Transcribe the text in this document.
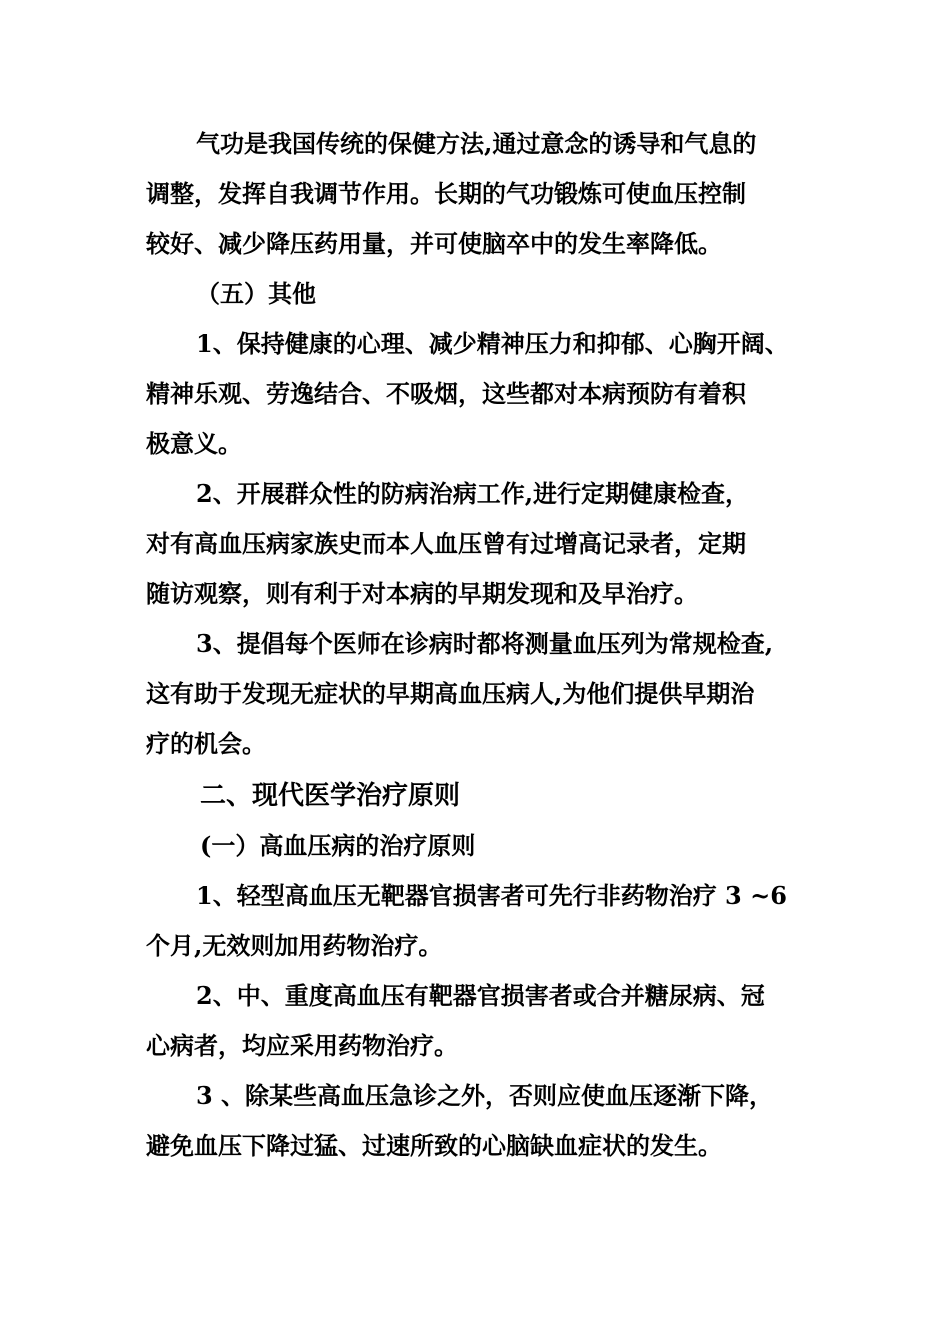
气功是我国传统的保健方法,通过意念的诱导和气息的
调整，发挥自我调节作用。长期的气功锻炼可使血压控制
较好、减少降压药用量，并可使脑卒中的发生率降低。
（五）其他
1、保持健康的心理、减少精神压力和抑郁、心胸开阔、
精神乐观、劳逸结合、不吸烟，这些都对本病预防有着积
极意义。
2、开展群众性的防病治病工作,进行定期健康检查，
对有高血压病家族史而本人血压曾有过增高记录者，定期
随访观察，则有利于对本病的早期发现和及早治疗。
3、提倡每个医师在诊病时都将测量血压列为常规检查,
这有助于发现无症状的早期高血压病人,为他们提供早期治
疗的机会。
二、现代医学治疗原则
(一）高血压病的治疗原则
1、轻型高血压无靶器官损害者可先行非药物治疗 3 ~6
个月,无效则加用药物治疗。
2、中、重度高血压有靶器官损害者或合并糖尿病、冠
心病者，均应采用药物治疗。
3 、除某些高血压急诊之外，否则应使血压逐渐下降，
避免血压下降过猛、过速所致的心脑缺血症状的发生。
